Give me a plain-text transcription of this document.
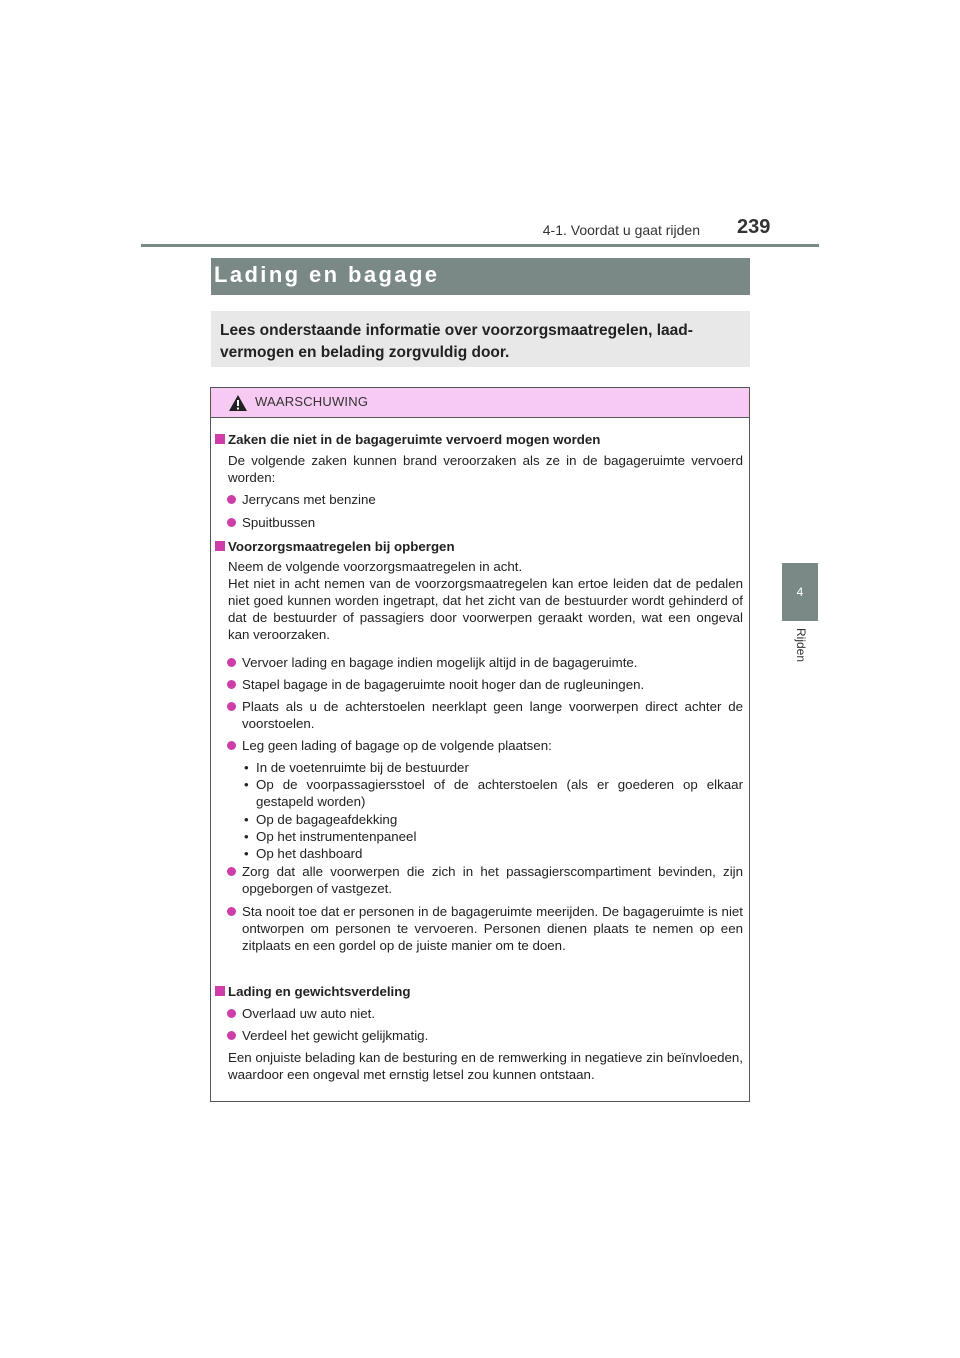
4-1. Voordat u gaat rijden 239
4
Rijden
Lading en bagage
Lees onderstaande informatie over voorzorgsmaatregelen, laad-vermogen en belading zorgvuldig door.
WAARSCHUWING
Zaken die niet in de bagageruimte vervoerd mogen worden
De volgende zaken kunnen brand veroorzaken als ze in de bagageruimte vervoerd worden:
Jerrycans met benzine
Spuitbussen
Voorzorgsmaatregelen bij opbergen
Neem de volgende voorzorgsmaatregelen in acht.
Het niet in acht nemen van de voorzorgsmaatregelen kan ertoe leiden dat de pedalen niet goed kunnen worden ingetrapt, dat het zicht van de bestuurder wordt gehinderd of dat de bestuurder of passagiers door voorwerpen geraakt worden, wat een ongeval kan veroorzaken.
Vervoer lading en bagage indien mogelijk altijd in de bagageruimte.
Stapel bagage in de bagageruimte nooit hoger dan de rugleuningen.
Plaats als u de achterstoelen neerklapt geen lange voorwerpen direct achter de voorstoelen.
Leg geen lading of bagage op de volgende plaatsen:
• In de voetenruimte bij de bestuurder
• Op de voorpassagiersstoel of de achterstoelen (als er goederen op elkaar gestapeld worden)
• Op de bagageafdekking
• Op het instrumentenpaneel
• Op het dashboard
Zorg dat alle voorwerpen die zich in het passagierscompartiment bevinden, zijn opgeborgen of vastgezet.
Sta nooit toe dat er personen in de bagageruimte meerijden. De bagageruimte is niet ontworpen om personen te vervoeren. Personen dienen plaats te nemen op een zitplaats en een gordel op de juiste manier om te doen.
Lading en gewichtsverdeling
Overlaad uw auto niet.
Verdeel het gewicht gelijkmatig.
Een onjuiste belading kan de besturing en de remwerking in negatieve zin beïnvloeden, waardoor een ongeval met ernstig letsel zou kunnen ontstaan.
